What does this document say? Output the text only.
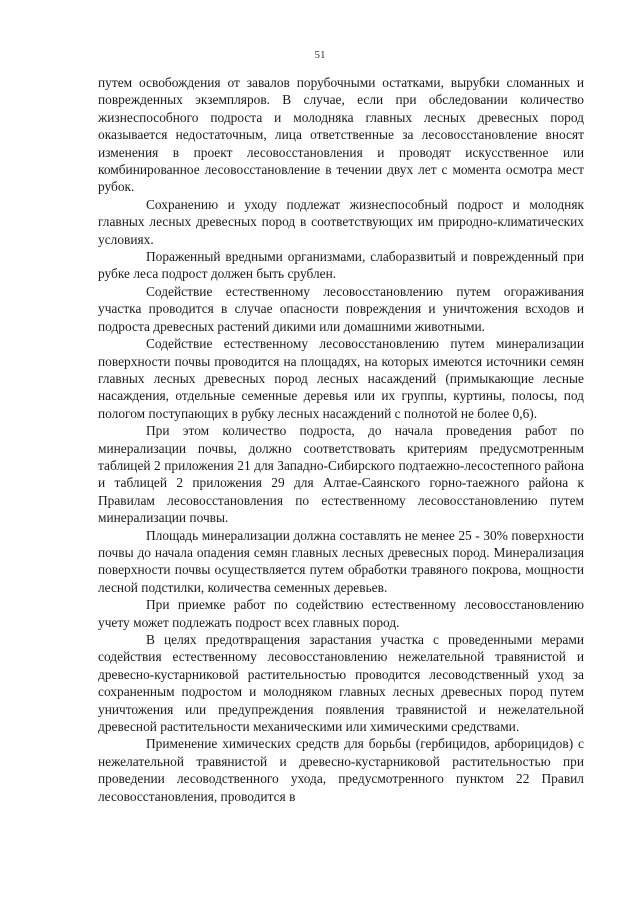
51

путем освобождения от завалов порубочными остатками, вырубки сломанных и поврежденных экземпляров. В случае, если при обследовании количество жизнеспособного подроста и молодняка главных лесных древесных пород оказывается недостаточным, лица ответственные за лесовосстановление вносят изменения в проект лесовосстановления и проводят искусственное или комбинированное лесовосстановление в течении двух лет с момента осмотра мест рубок.

Сохранению и уходу подлежат жизнеспособный подрост и молодняк главных лесных древесных пород в соответствующих им природно-климатических условиях.

Пораженный вредными организмами, слаборазвитый и поврежденный при рубке леса подрост должен быть срублен.

Содействие естественному лесовосстановлению путем огораживания участка проводится в случае опасности повреждения и уничтожения всходов и подроста древесных растений дикими или домашними животными.

Содействие естественному лесовосстановлению путем минерализации поверхности почвы проводится на площадях, на которых имеются источники семян главных лесных древесных пород лесных насаждений (примыкающие лесные насаждения, отдельные семенные деревья или их группы, куртины, полосы, под пологом поступающих в рубку лесных насаждений с полнотой не более 0,6).

При этом количество подроста, до начала проведения работ по минерализации почвы, должно соответствовать критериям предусмотренным таблицей 2 приложения 21 для Западно-Сибирского подтаежно-лесостепного района и таблицей 2 приложения 29 для Алтае-Саянского горно-таежного района к Правилам лесовосстановления по естественному лесовосстановлению путем минерализации почвы.

Площадь минерализации должна составлять не менее 25 - 30% поверхности почвы до начала опадения семян главных лесных древесных пород. Минерализация поверхности почвы осуществляется путем обработки травяного покрова, мощности лесной подстилки, количества семенных деревьев.

При приемке работ по содействию естественному лесовосстановлению учету может подлежать подрост всех главных пород.

В целях предотвращения зарастания участка с проведенными мерами содействия естественному лесовосстановлению нежелательной травянистой и древесно-кустарниковой растительностью проводится лесоводственный уход за сохраненным подростом и молодняком главных лесных древесных пород путем уничтожения или предупреждения появления травянистой и нежелательной древесной растительности механическими или химическими средствами.

Применение химических средств для борьбы (гербицидов, арборицидов) с нежелательной травянистой и древесно-кустарниковой растительностью при проведении лесоводственного ухода, предусмотренного пунктом 22 Правил лесовосстановления, проводится в
